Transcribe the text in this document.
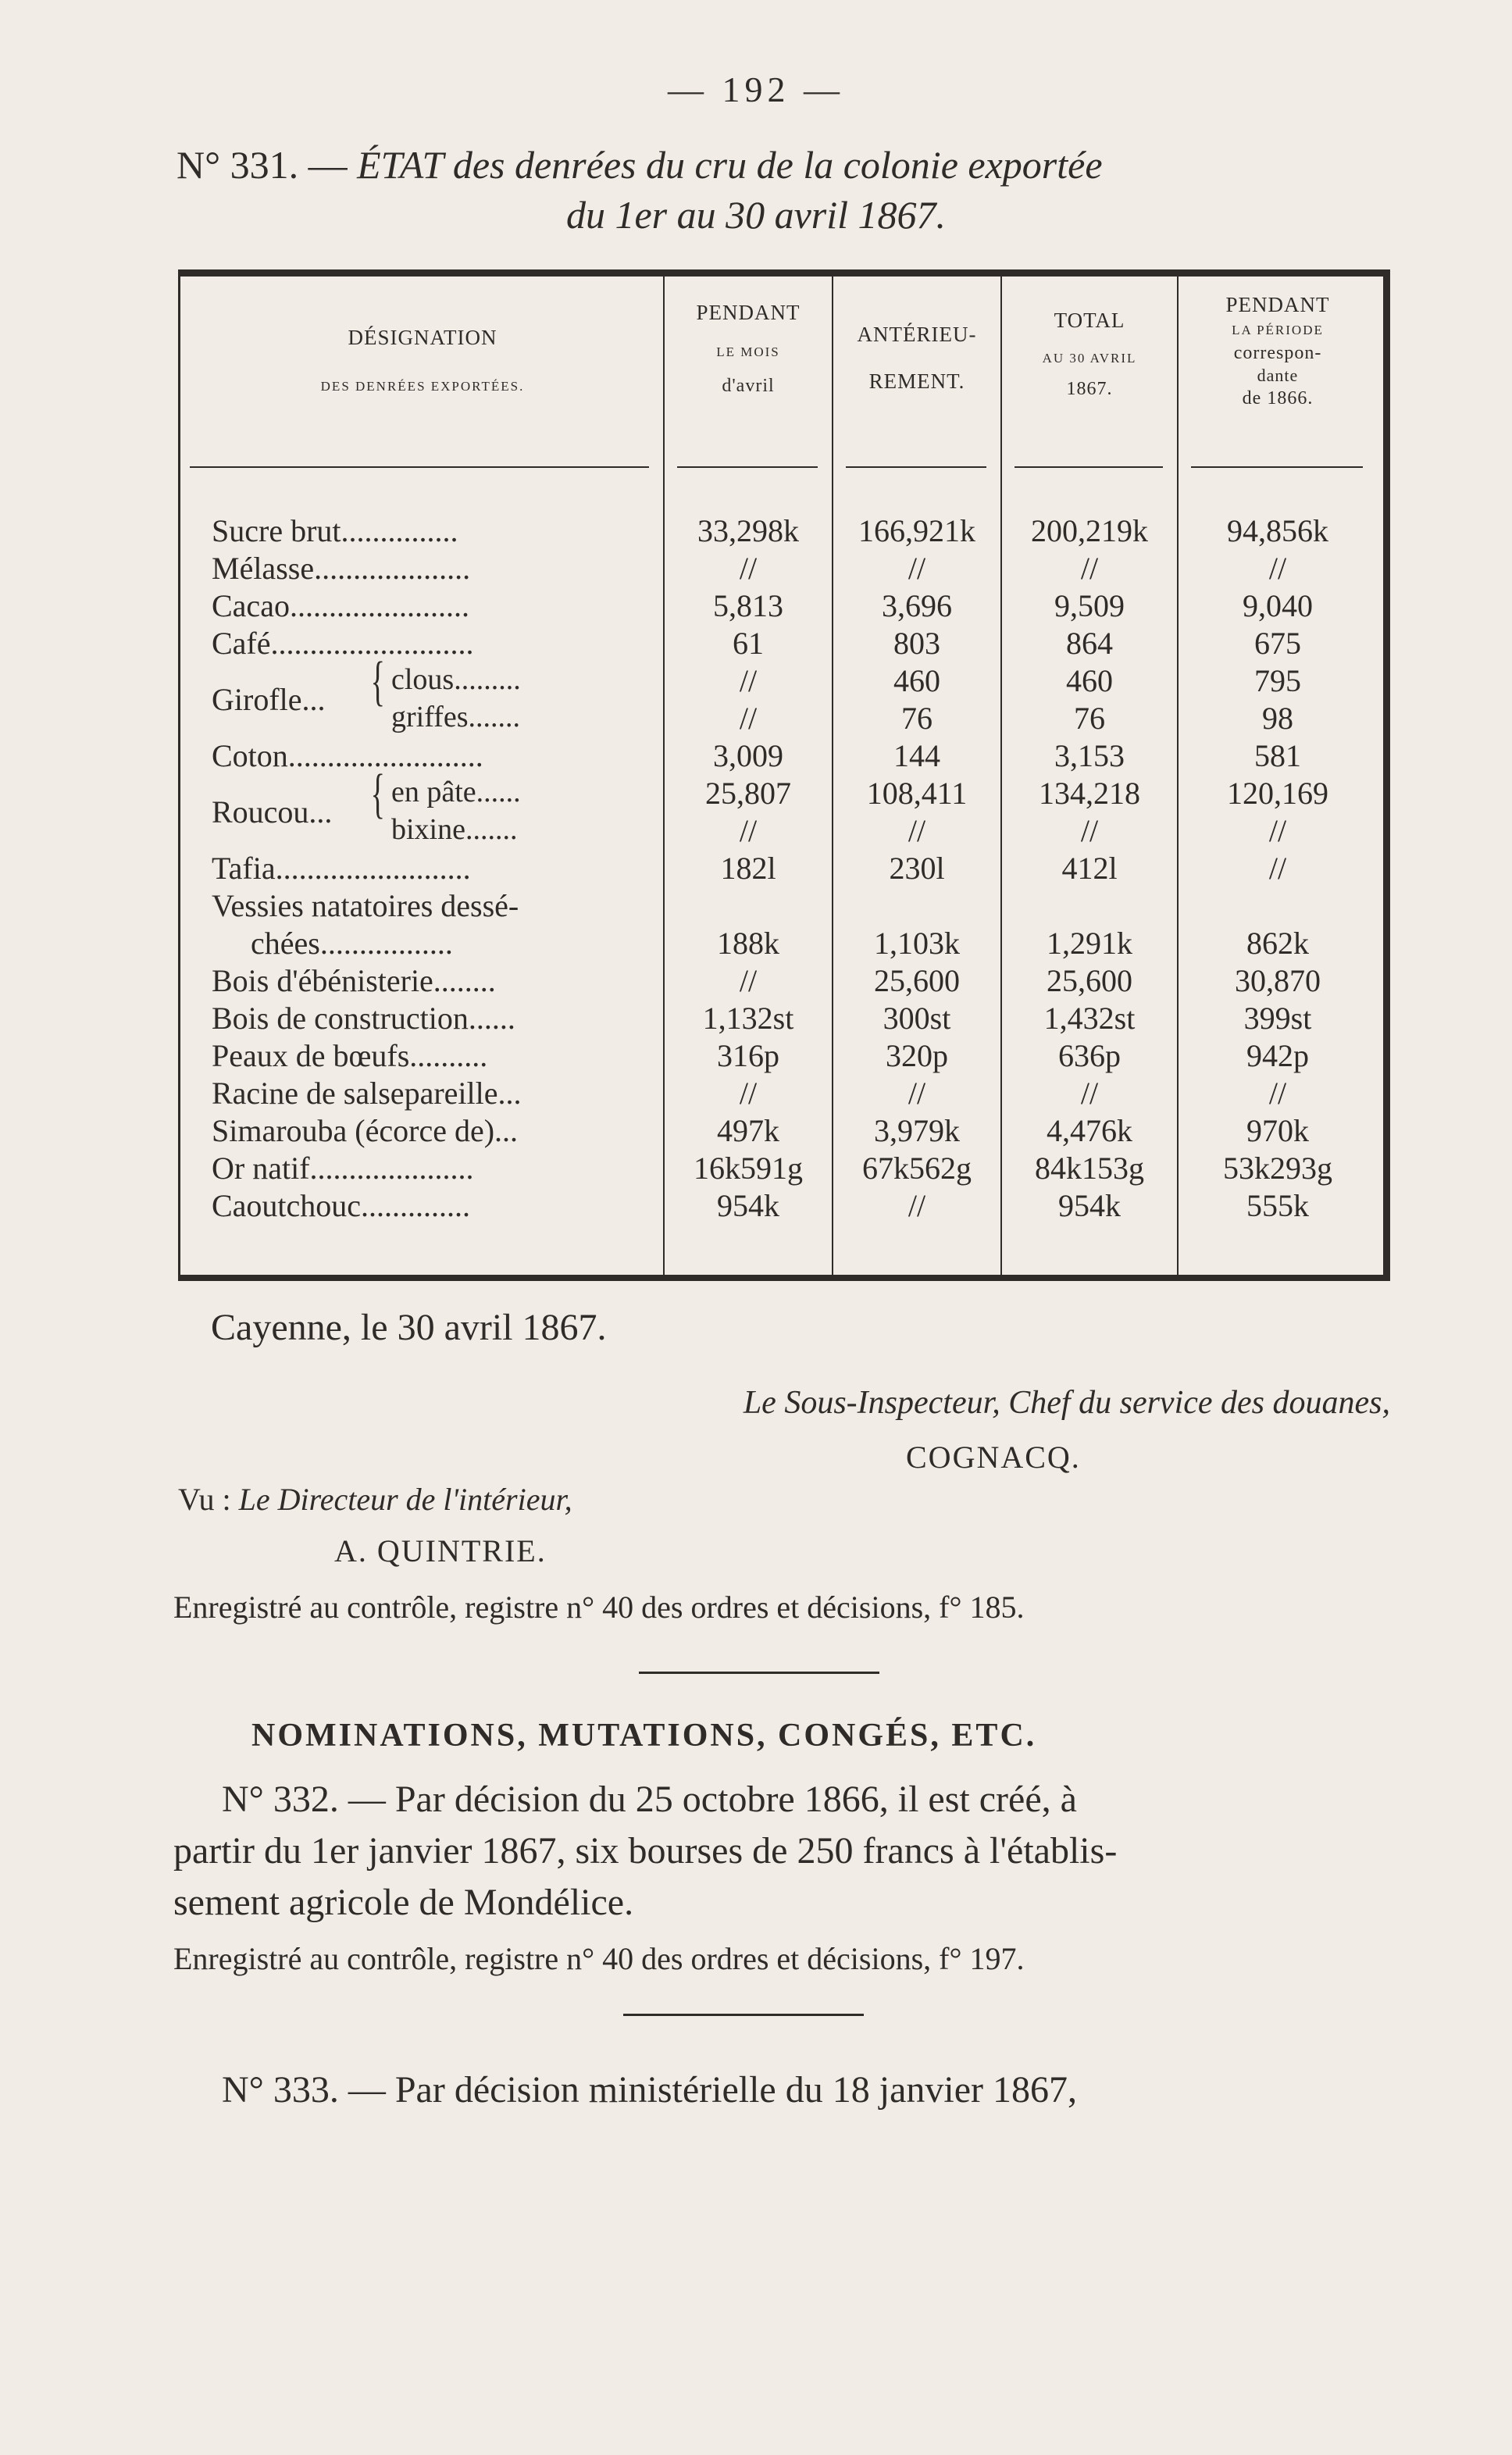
— 192 —
N° 331. — ÉTAT des denrées du cru de la colonie exportée
du 1er au 30 avril 1867.
DÉSIGNATION
DES DENRÉES EXPORTÉES.
PENDANT
LE MOIS
d'avril
ANTÉRIEU-
REMENT.
TOTAL
AU 30 AVRIL
1867.
PENDANT
LA PÉRIODE
correspon-
dante
de 1866.
Sucre brut...............	33,298k	166,921k	200,219k	94,856k
Mélasse....................	//	//	//	//
Cacao.......................	5,813	3,696	9,509	9,040
Café..........................	61	803	864	675
Girofle... { clous.........	//	460	460	795
griffes.......	//	76	76	98
Coton.........................	3,009	144	3,153	581
Roucou... { en pâte......	25,807	108,411	134,218	120,169
bixine.......	//	//	//	//
Tafia.........................	182l	230l	412l	//
Vessies natatoires dessé-
chées.................	188k	1,103k	1,291k	862k
Bois d'ébénisterie........	//	25,600	25,600	30,870
Bois de construction......	1,132st	300st	1,432st	399st
Peaux de bœufs..........	316p	320p	636p	942p
Racine de salsepareille...	//	//	//	//
Simarouba (écorce de)...	497k	3,979k	4,476k	970k
Or natif.....................	16k591g	67k562g	84k153g	53k293g
Caoutchouc..............	954k	//	954k	555k
Cayenne, le 30 avril 1867.
Le Sous-Inspecteur, Chef du service des douanes,
COGNACQ.
Vu : Le Directeur de l'intérieur,
A. QUINTRIE.
Enregistré au contrôle, registre n° 40 des ordres et décisions, f° 185.
NOMINATIONS, MUTATIONS, CONGÉS, ETC.
N° 332. — Par décision du 25 octobre 1866, il est créé, à
partir du 1er janvier 1867, six bourses de 250 francs à l'établis-
sement agricole de Mondélice.
Enregistré au contrôle, registre n° 40 des ordres et décisions, f° 197.
N° 333. — Par décision ministérielle du 18 janvier 1867,
